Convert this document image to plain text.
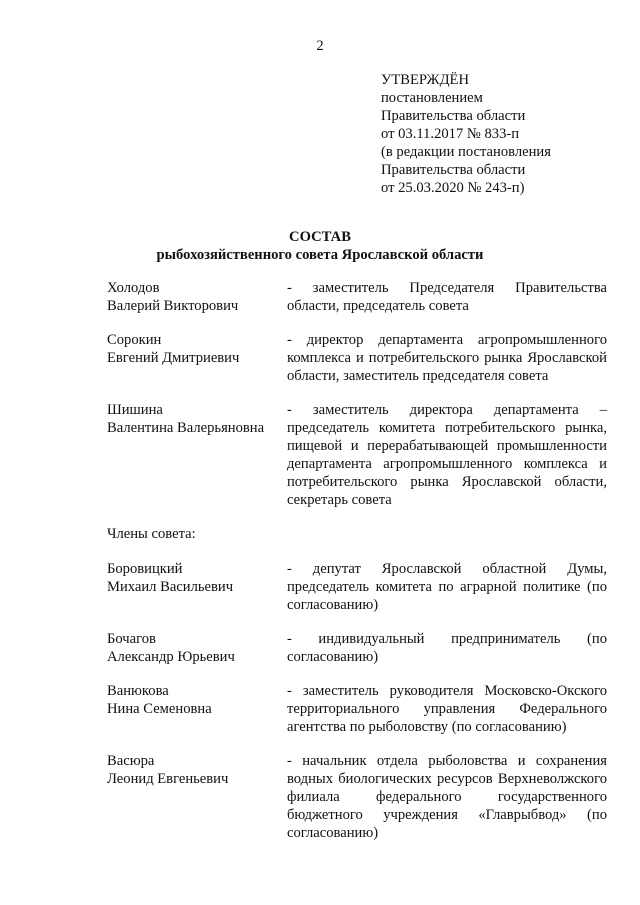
2
УТВЕРЖДЁН
постановлением
Правительства области
от 03.11.2017 № 833-п
(в редакции постановления
Правительства области
от 25.03.2020 № 243-п)
СОСТАВ
рыбохозяйственного совета Ярославской области
Холодов
Валерий Викторович
- заместитель Председателя Правительства области, председатель совета
Сорокин
Евгений Дмитриевич
- директор департамента агропромышленного комплекса и потребительского рынка Ярославской области, заместитель председателя совета
Шишина
Валентина Валерьяновна
- заместитель директора департамента – председатель комитета потребительского рынка, пищевой и перерабатывающей промышленности департамента агропромышленного комплекса и потребительского рынка Ярославской области, секретарь совета
Члены совета:
Боровицкий
Михаил Васильевич
- депутат Ярославской областной Думы, председатель комитета по аграрной политике (по согласованию)
Бочагов
Александр Юрьевич
- индивидуальный предприниматель (по согласованию)
Ванюкова
Нина Семеновна
- заместитель руководителя Московско-Окского территориального управления Федерального агентства по рыболовству (по согласованию)
Васюра
Леонид Евгеньевич
- начальник отдела рыболовства и сохранения водных биологических ресурсов Верхневолжского филиала федерального государственного бюджетного учреждения «Главрыбвод» (по согласованию)
